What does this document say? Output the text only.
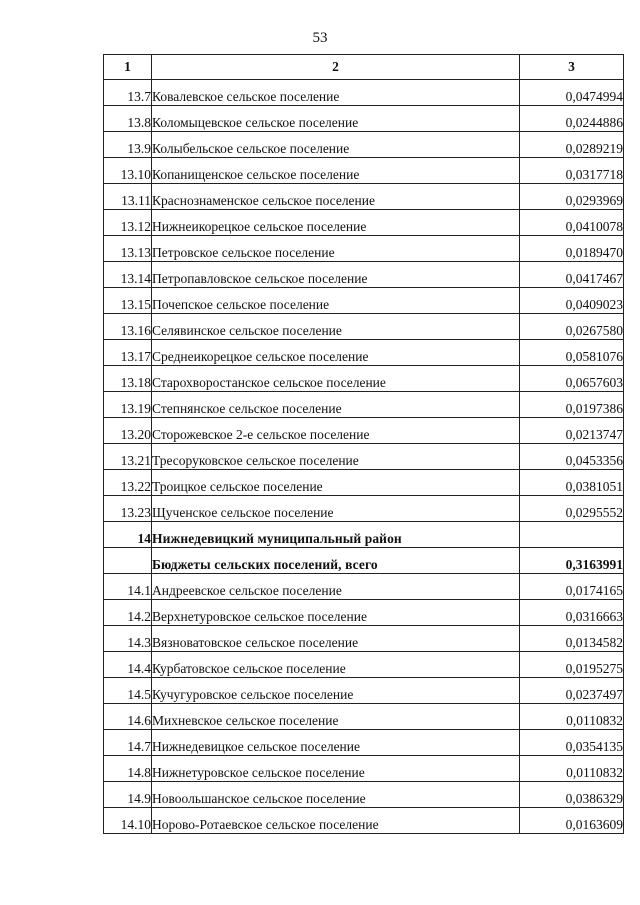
53
1	2	3
13.7	Ковалевское сельское поселение	0,0474994
13.8	Коломыцевское сельское поселение	0,0244886
13.9	Колыбельское сельское поселение	0,0289219
13.10	Копанищенское сельское поселение	0,0317718
13.11	Краснознаменское сельское поселение	0,0293969
13.12	Нижнеикорецкое сельское поселение	0,0410078
13.13	Петровское сельское поселение	0,0189470
13.14	Петропавловское сельское поселение	0,0417467
13.15	Почепское сельское поселение	0,0409023
13.16	Селявинское сельское поселение	0,0267580
13.17	Среднеикорецкое сельское поселение	0,0581076
13.18	Старохворостанское сельское поселение	0,0657603
13.19	Степнянское сельское поселение	0,0197386
13.20	Сторожевское 2-е сельское поселение	0,0213747
13.21	Тресоруковское сельское поселение	0,0453356
13.22	Троицкое сельское поселение	0,0381051
13.23	Щученское сельское поселение	0,0295552
14	Нижнедевицкий муниципальный район	
	Бюджеты сельских поселений, всего	0,3163991
14.1	Андреевское сельское поселение	0,0174165
14.2	Верхнетуровское сельское поселение	0,0316663
14.3	Вязноватовское сельское поселение	0,0134582
14.4	Курбатовское сельское поселение	0,0195275
14.5	Кучугуровское сельское поселение	0,0237497
14.6	Михневское сельское поселение	0,0110832
14.7	Нижнедевицкое сельское поселение	0,0354135
14.8	Нижнетуровское сельское поселение	0,0110832
14.9	Новоольшанское сельское поселение	0,0386329
14.10	Норово-Ротаевское сельское поселение	0,0163609
